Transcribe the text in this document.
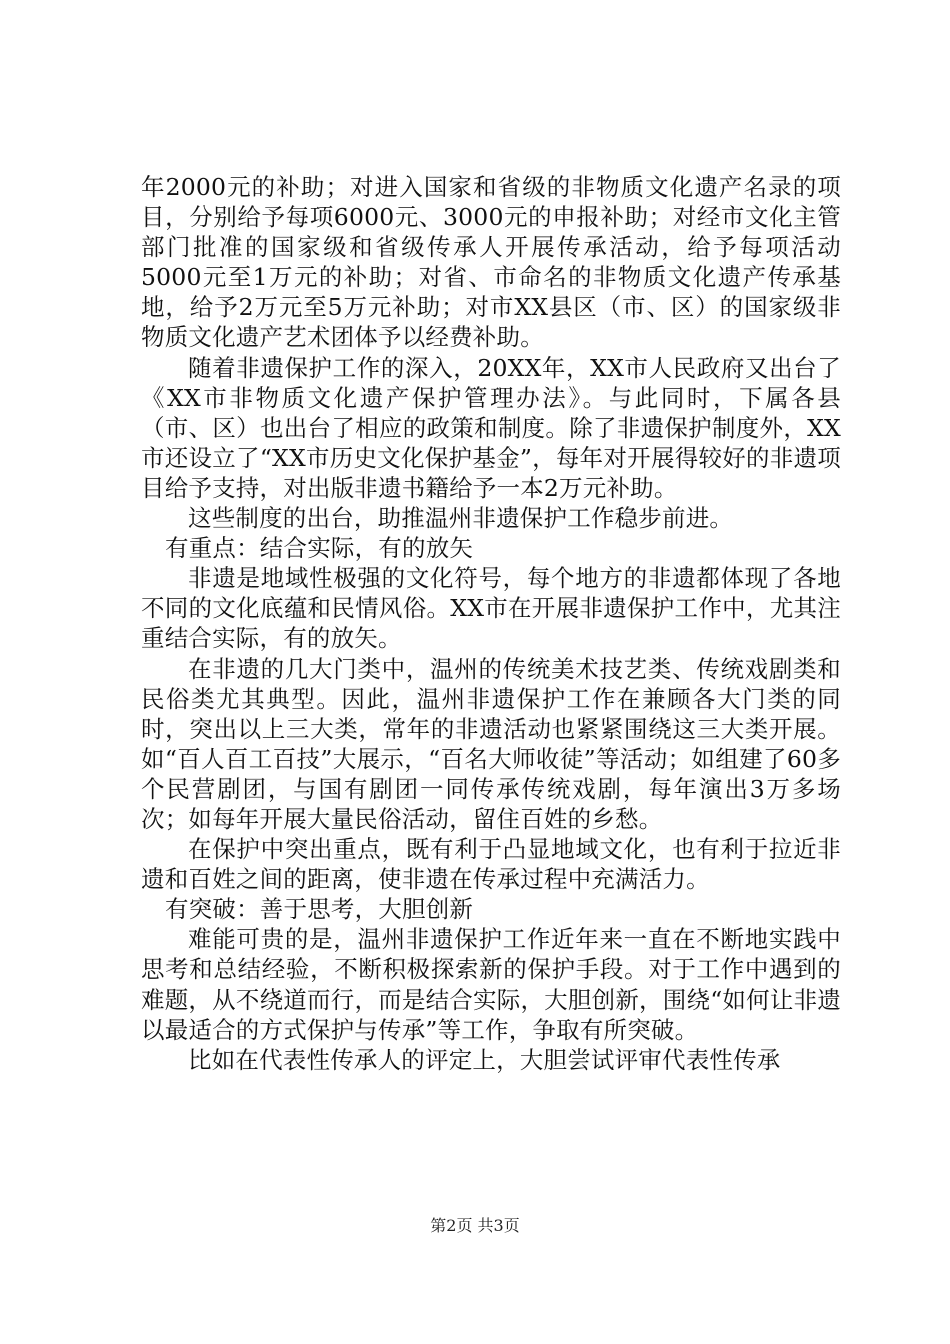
年2000元的补助；对进入国家和省级的非物质文化遗产名录的项目，分别给予每项6000元、3000元的申报补助；对经市文化主管部门批准的国家级和省级传承人开展传承活动，给予每项活动5000元至1万元的补助；对省、市命名的非物质文化遗产传承基地，给予2万元至5万元补助；对市XX县区（市、区）的国家级非物质文化遗产艺术团体予以经费补助。

随着非遗保护工作的深入，20XX年，XX市人民政府又出台了《XX市非物质文化遗产保护管理办法》。与此同时，下属各县（市、区）也出台了相应的政策和制度。除了非遗保护制度外，XX市还设立了“XX市历史文化保护基金”，每年对开展得较好的非遗项目给予支持，对出版非遗书籍给予一本2万元补助。

这些制度的出台，助推温州非遗保护工作稳步前进。

有重点：结合实际，有的放矢

非遗是地域性极强的文化符号，每个地方的非遗都体现了各地不同的文化底蕴和民情风俗。XX市在开展非遗保护工作中，尤其注重结合实际，有的放矢。

在非遗的几大门类中，温州的传统美术技艺类、传统戏剧类和民俗类尤其典型。因此，温州非遗保护工作在兼顾各大门类的同时，突出以上三大类，常年的非遗活动也紧紧围绕这三大类开展。如“百人百工百技”大展示，“百名大师收徒”等活动；如组建了60多个民营剧团，与国有剧团一同传承传统戏剧，每年演出3万多场次；如每年开展大量民俗活动，留住百姓的乡愁。

在保护中突出重点，既有利于凸显地域文化，也有利于拉近非遗和百姓之间的距离，使非遗在传承过程中充满活力。

有突破：善于思考，大胆创新

难能可贵的是，温州非遗保护工作近年来一直在不断地实践中思考和总结经验，不断积极探索新的保护手段。对于工作中遇到的难题，从不绕道而行，而是结合实际，大胆创新，围绕“如何让非遗以最适合的方式保护与传承”等工作，争取有所突破。

比如在代表性传承人的评定上，大胆尝试评审代表性传承

第2页 共3页
